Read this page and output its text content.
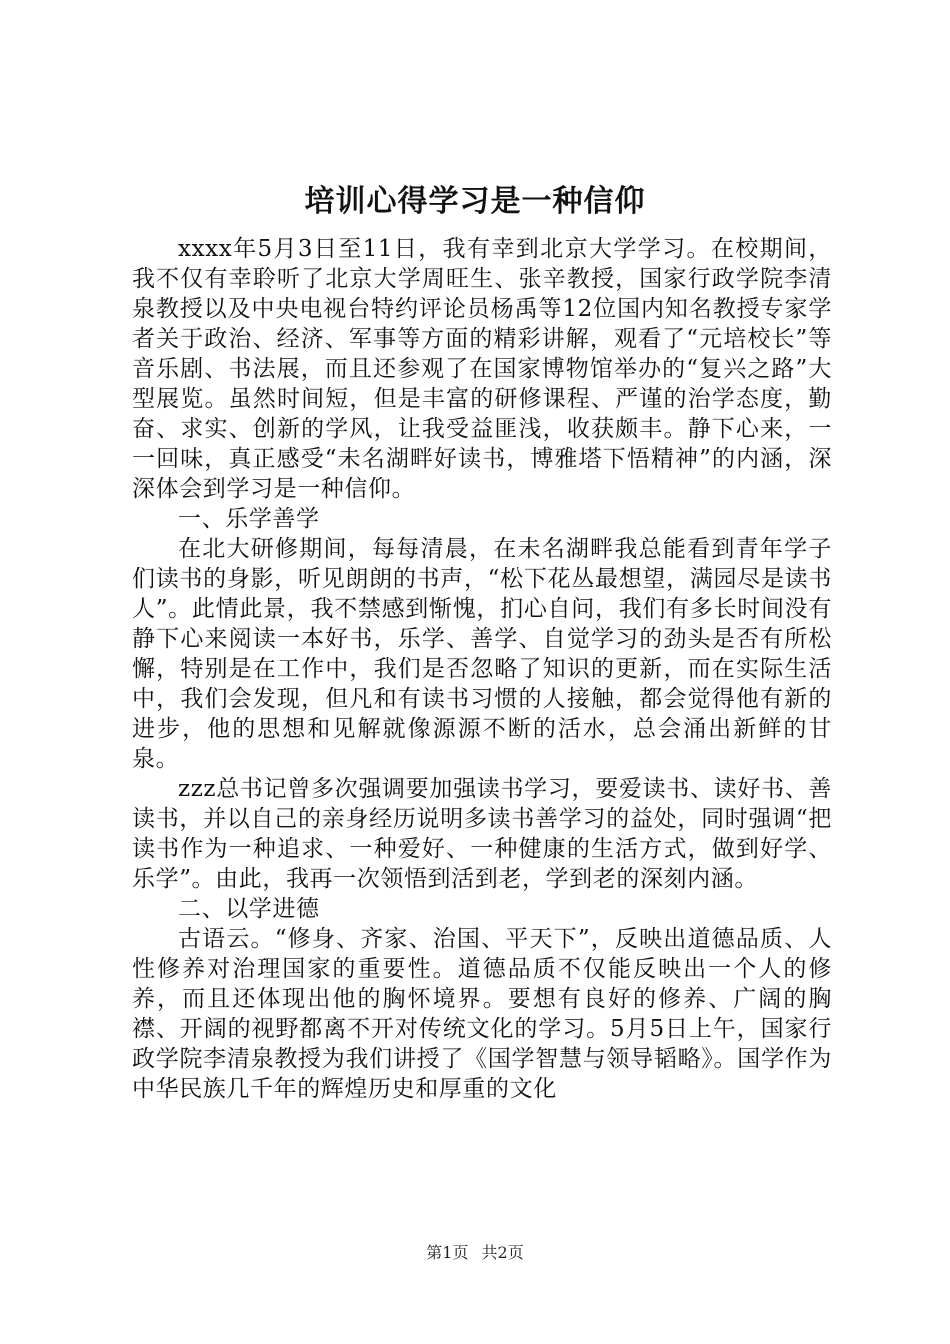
培训心得学习是一种信仰

xxxx年5月3日至11日，我有幸到北京大学学习。在校期间，我不仅有幸聆听了北京大学周旺生、张辛教授，国家行政学院李清泉教授以及中央电视台特约评论员杨禹等12位国内知名教授专家学者关于政治、经济、军事等方面的精彩讲解，观看了“元培校长”等音乐剧、书法展，而且还参观了在国家博物馆举办的“复兴之路”大型展览。虽然时间短，但是丰富的研修课程、严谨的治学态度，勤奋、求实、创新的学风，让我受益匪浅，收获颇丰。静下心来，一一回味，真正感受“未名湖畔好读书，博雅塔下悟精神”的内涵，深深体会到学习是一种信仰。

一、乐学善学

在北大研修期间，每每清晨，在未名湖畔我总能看到青年学子们读书的身影，听见朗朗的书声，“松下花丛最想望，满园尽是读书人”。此情此景，我不禁感到惭愧，扪心自问，我们有多长时间没有静下心来阅读一本好书，乐学、善学、自觉学习的劲头是否有所松懈，特别是在工作中，我们是否忽略了知识的更新，而在实际生活中，我们会发现，但凡和有读书习惯的人接触，都会觉得他有新的进步，他的思想和见解就像源源不断的活水，总会涌出新鲜的甘泉。

zzz总书记曾多次强调要加强读书学习，要爱读书、读好书、善读书，并以自己的亲身经历说明多读书善学习的益处，同时强调“把读书作为一种追求、一种爱好、一种健康的生活方式，做到好学、乐学”。由此，我再一次领悟到活到老，学到老的深刻内涵。

二、以学进德

古语云。“修身、齐家、治国、平天下”，反映出道德品质、人性修养对治理国家的重要性。道德品质不仅能反映出一个人的修养，而且还体现出他的胸怀境界。要想有良好的修养、广阔的胸襟、开阔的视野都离不开对传统文化的学习。5月5日上午，国家行政学院李清泉教授为我们讲授了《国学智慧与领导韬略》。国学作为中华民族几千年的辉煌历史和厚重的文化

第1页 共2页
